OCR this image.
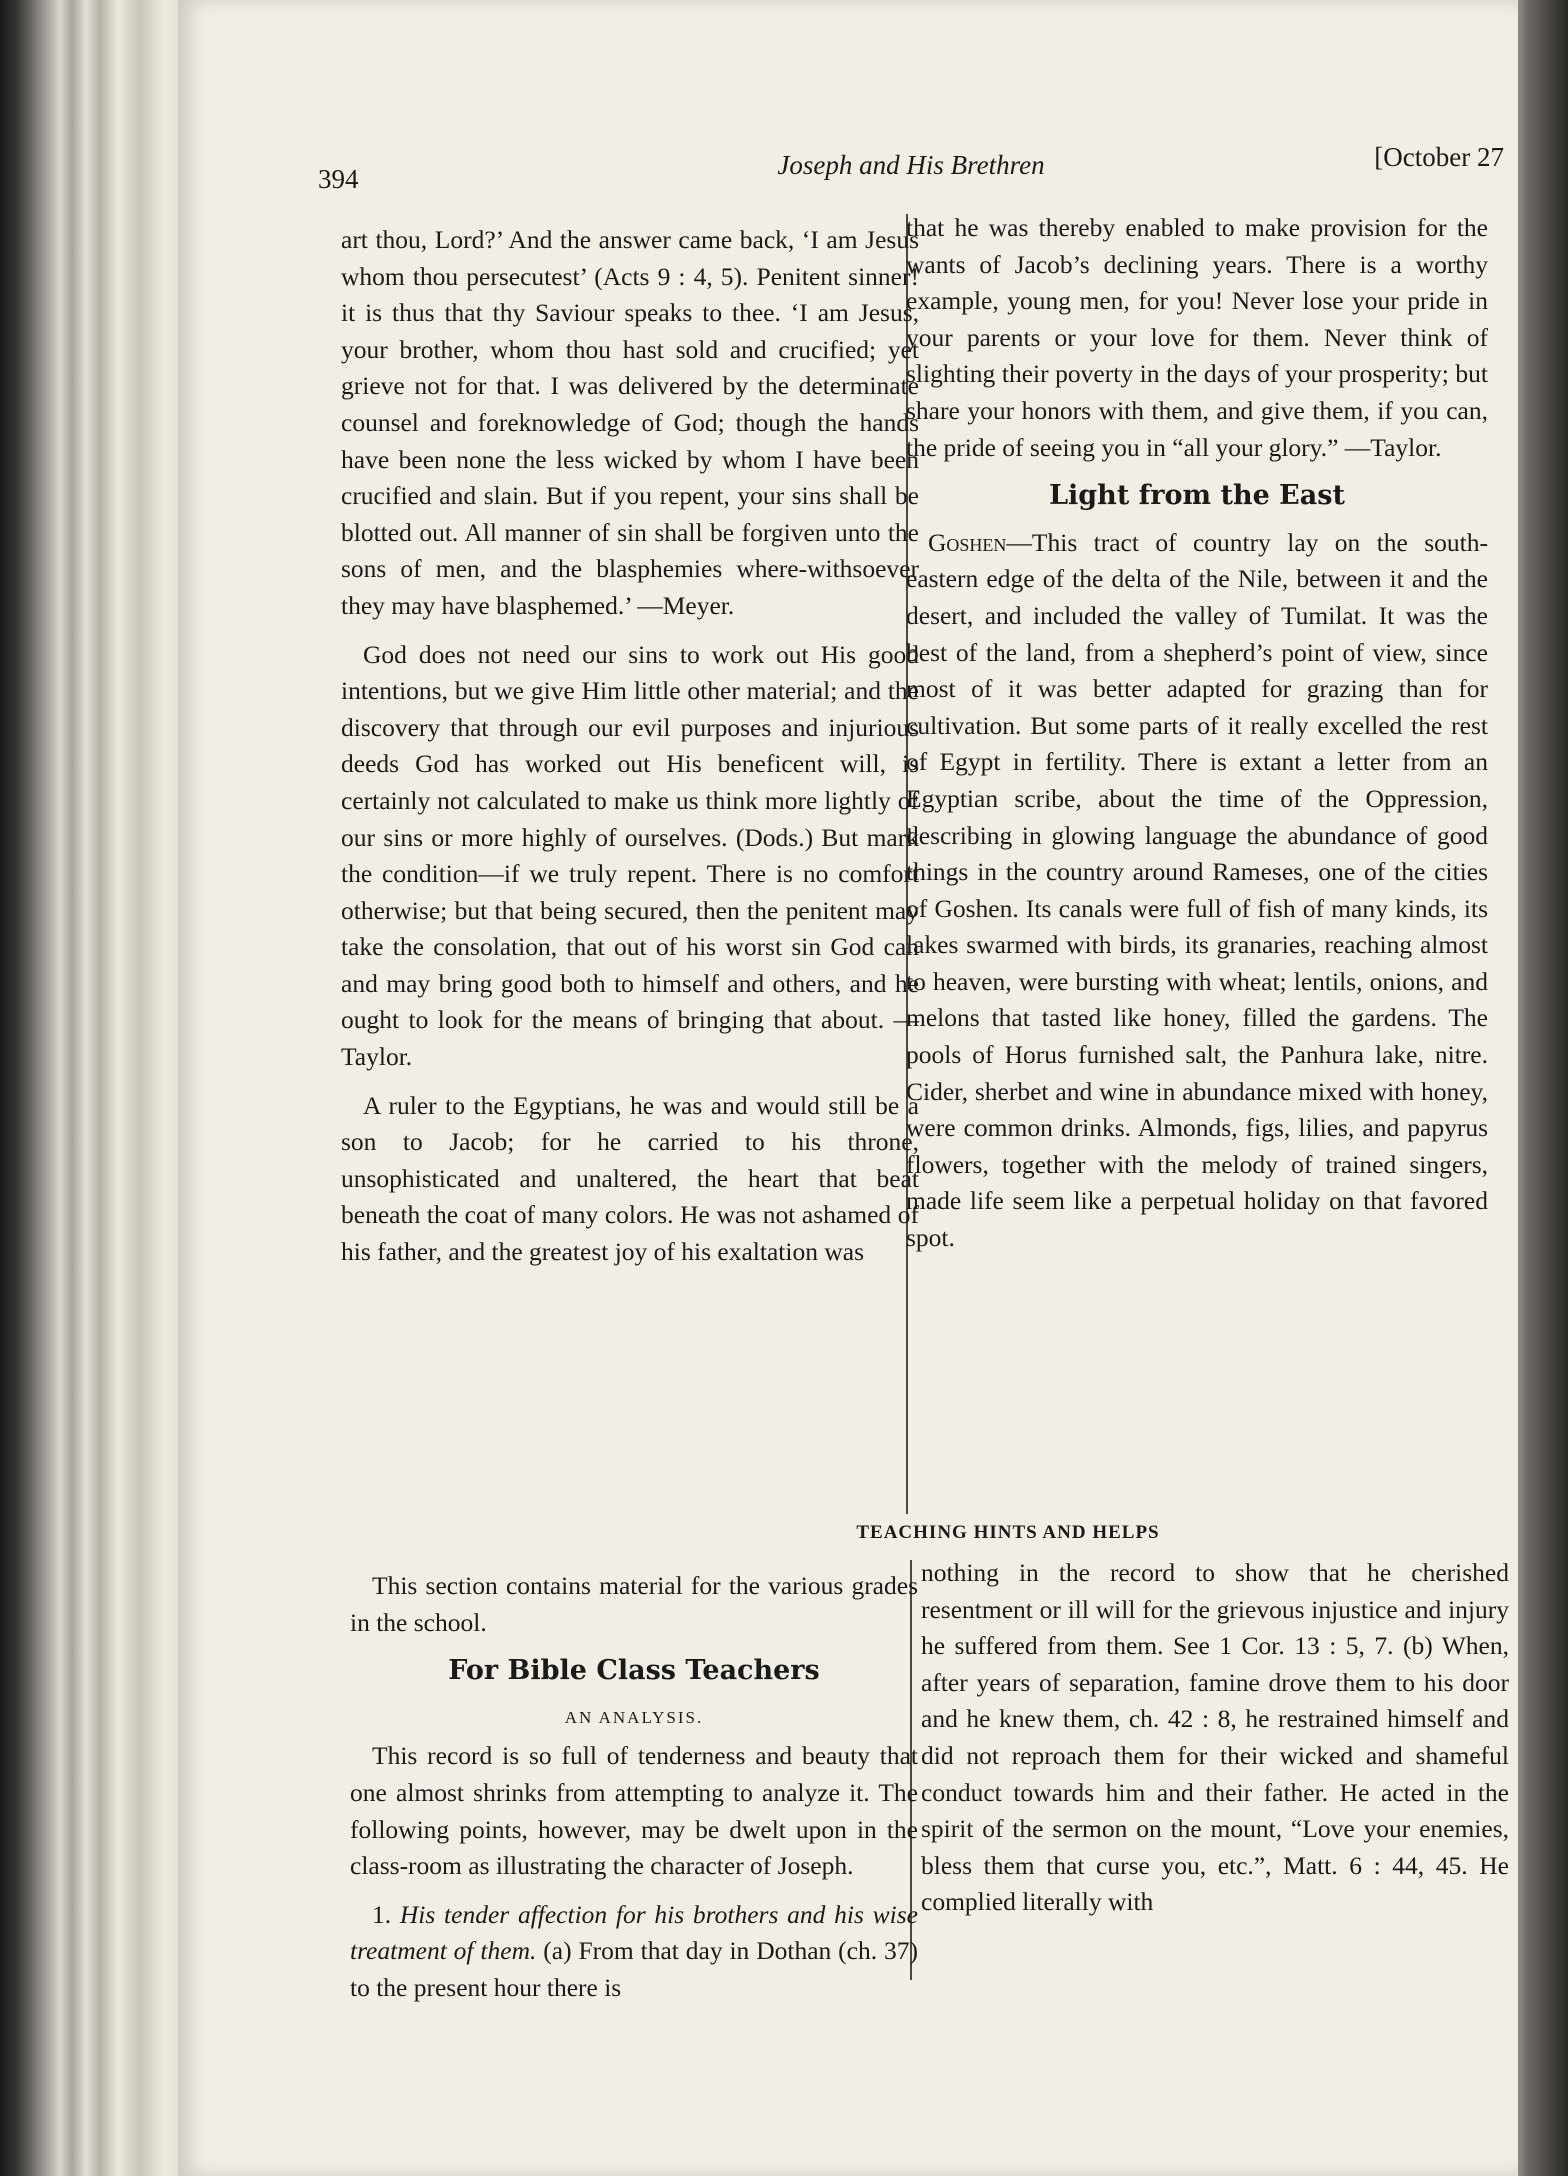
394	Joseph and His Brethren	[October 27

art thou, Lord?’ And the answer came back, ‘I am Jesus whom thou persecutest’ (Acts 9 : 4, 5). Penitent sinner! it is thus that thy Saviour speaks to thee. ‘I am Jesus, your brother, whom thou hast sold and crucified; yet grieve not for that. I was delivered by the determinate counsel and foreknowledge of God; though the hands have been none the less wicked by whom I have been crucified and slain. But if you repent, your sins shall be blotted out. All manner of sin shall be forgiven unto the sons of men, and the blasphemies where-withsoever they may have blasphemed.’ —Meyer.

God does not need our sins to work out His good intentions, but we give Him little other material; and the discovery that through our evil purposes and injurious deeds God has worked out His beneficent will, is certainly not calculated to make us think more lightly of our sins or more highly of ourselves. (Dods.) But mark the condition—if we truly repent. There is no comfort otherwise; but that being secured, then the penitent may take the consolation, that out of his worst sin God can and may bring good both to himself and others, and he ought to look for the means of bringing that about. —Taylor.

A ruler to the Egyptians, he was and would still be a son to Jacob; for he carried to his throne, unsophisticated and unaltered, the heart that beat beneath the coat of many colors. He was not ashamed of his father, and the greatest joy of his exaltation was

that he was thereby enabled to make provision for the wants of Jacob’s declining years. There is a worthy example, young men, for you! Never lose your pride in your parents or your love for them. Never think of slighting their poverty in the days of your prosperity; but share your honors with them, and give them, if you can, the pride of seeing you in “all your glory.” —Taylor.

Light from the East

Goshen—This tract of country lay on the south-eastern edge of the delta of the Nile, between it and the desert, and included the valley of Tumilat. It was the best of the land, from a shepherd’s point of view, since most of it was better adapted for grazing than for cultivation. But some parts of it really excelled the rest of Egypt in fertility. There is extant a letter from an Egyptian scribe, about the time of the Oppression, describing in glowing language the abundance of good things in the country around Rameses, one of the cities of Goshen. Its canals were full of fish of many kinds, its lakes swarmed with birds, its granaries, reaching almost to heaven, were bursting with wheat; lentils, onions, and melons that tasted like honey, filled the gardens. The pools of Horus furnished salt, the Panhura lake, nitre. Cider, sherbet and wine in abundance mixed with honey, were common drinks. Almonds, figs, lilies, and papyrus flowers, together with the melody of trained singers, made life seem like a perpetual holiday on that favored spot.

TEACHING HINTS AND HELPS

This section contains material for the various grades in the school.

For Bible Class Teachers
AN ANALYSIS.

This record is so full of tenderness and beauty that one almost shrinks from attempting to analyze it. The following points, however, may be dwelt upon in the class-room as illustrating the character of Joseph.

1. His tender affection for his brothers and his wise treatment of them. (a) From that day in Dothan (ch. 37) to the present hour there is

nothing in the record to show that he cherished resentment or ill will for the grievous injustice and injury he suffered from them. See 1 Cor. 13 : 5, 7. (b) When, after years of separation, famine drove them to his door and he knew them, ch. 42 : 8, he restrained himself and did not reproach them for their wicked and shameful conduct towards him and their father. He acted in the spirit of the sermon on the mount, “Love your enemies, bless them that curse you, etc.”, Matt. 6 : 44, 45. He complied literally with
